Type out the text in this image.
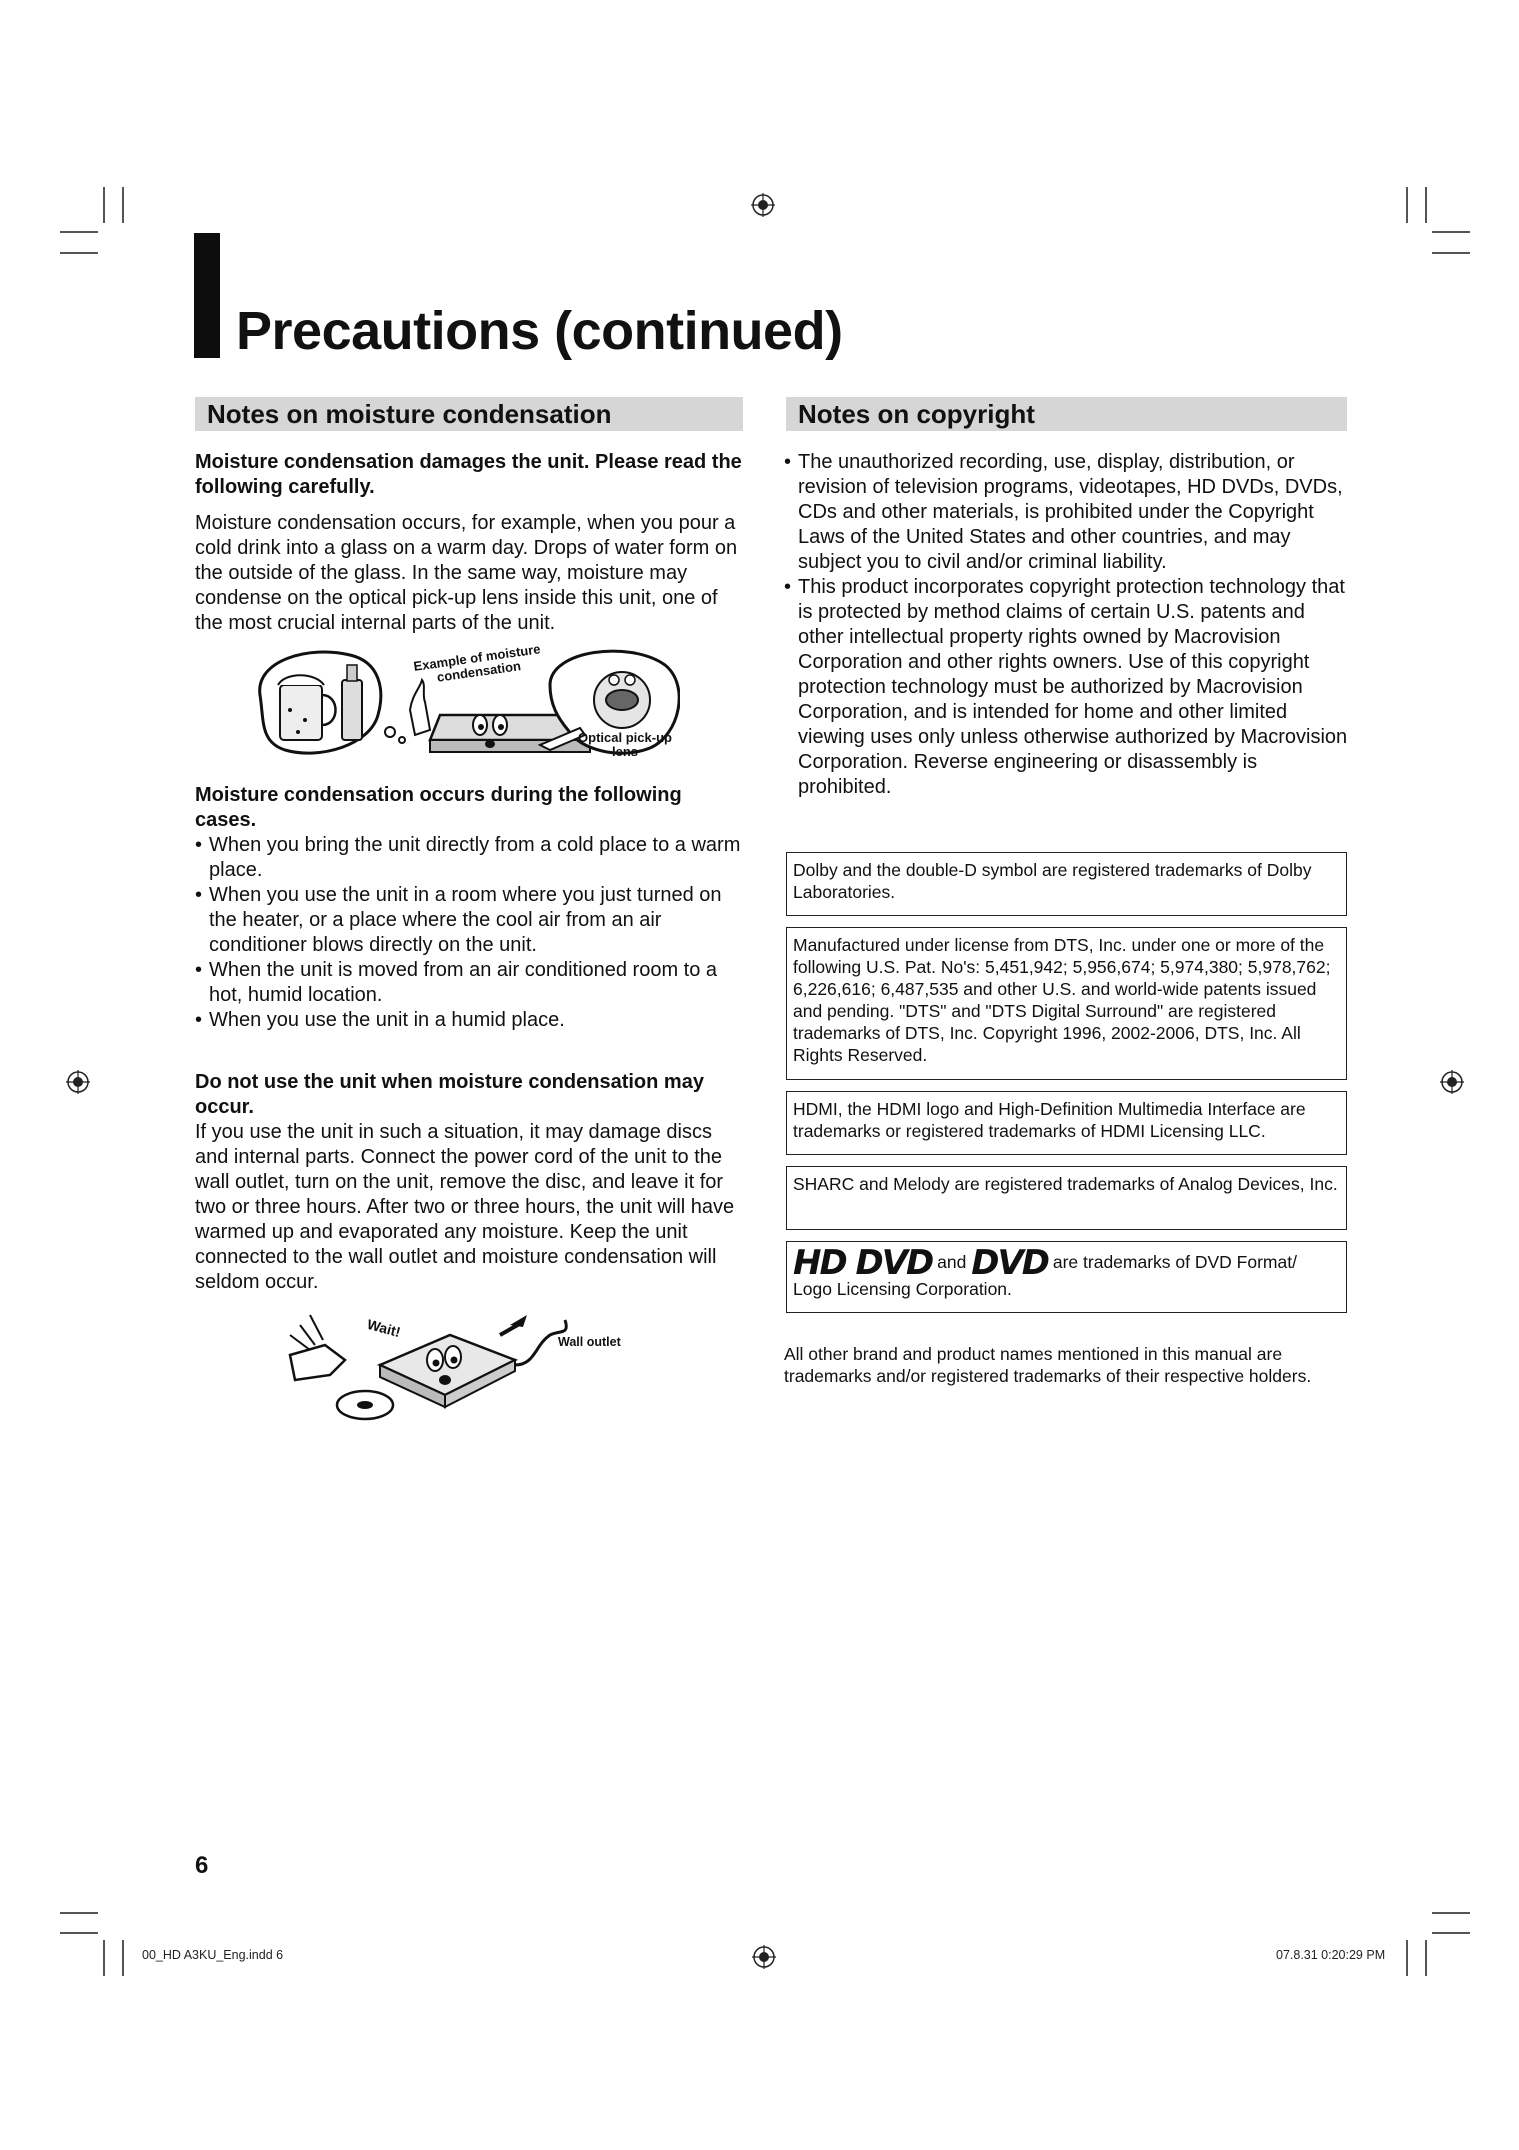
Precautions (continued)
Notes on moisture condensation	Notes on copyright

Moisture condensation damages the unit. Please read the following carefully.

Moisture condensation occurs, for example, when you pour a cold drink into a glass on a warm day. Drops of water form on the outside of the glass. In the same way, moisture may condense on the optical pick-up lens inside this unit, one of the most crucial internal parts of the unit.

Example of moisture condensation
Optical pick-up lens

Moisture condensation occurs during the following cases.

• When you bring the unit directly from a cold place to a warm place.
• When you use the unit in a room where you just turned on the heater, or a place where the cool air from an air conditioner blows directly on the unit.
• When the unit is moved from an air conditioned room to a hot, humid location.
• When you use the unit in a humid place.

Do not use the unit when moisture condensation may occur.

If you use the unit in such a situation, it may damage discs and internal parts. Connect the power cord of the unit to the wall outlet, turn on the unit, remove the disc, and leave it for two or three hours. After two or three hours, the unit will have warmed up and evaporated any moisture. Keep the unit connected to the wall outlet and moisture condensation will seldom occur.

Wait!
Wall outlet
• The unauthorized recording, use, display, distribution, or revision of television programs, videotapes, HD DVDs, DVDs, CDs and other materials, is prohibited under the Copyright Laws of the United States and other countries, and may subject you to civil and/or criminal liability.
• This product incorporates copyright protection technology that is protected by method claims of certain U.S. patents and other intellectual property rights owned by Macrovision Corporation and other rights owners. Use of this copyright protection technology must be authorized by Macrovision Corporation, and is intended for home and other limited viewing uses only unless otherwise authorized by Macrovision Corporation. Reverse engineering or disassembly is prohibited.
Dolby and the double-D symbol are registered trademarks of Dolby Laboratories.
Manufactured under license from DTS, Inc. under one or more of the following U.S. Pat. No's: 5,451,942; 5,956,674; 5,974,380; 5,978,762; 6,226,616; 6,487,535 and other U.S. and world-wide patents issued and pending. "DTS" and "DTS Digital Surround" are registered trademarks of DTS, Inc. Copyright 1996, 2002-2006, DTS, Inc. All Rights Reserved.
HDMI, the HDMI logo and High-Definition Multimedia Interface are trademarks or registered trademarks of HDMI Licensing LLC.
SHARC and Melody are registered trademarks of Analog Devices, Inc.
HD DVD and DVD are trademarks of DVD Format/
Logo Licensing Corporation.
All other brand and product names mentioned in this manual are trademarks and/or registered trademarks of their respective holders.
6
00_HD A3KU_Eng.indd 6	07.8.31 0:20:29 PM
